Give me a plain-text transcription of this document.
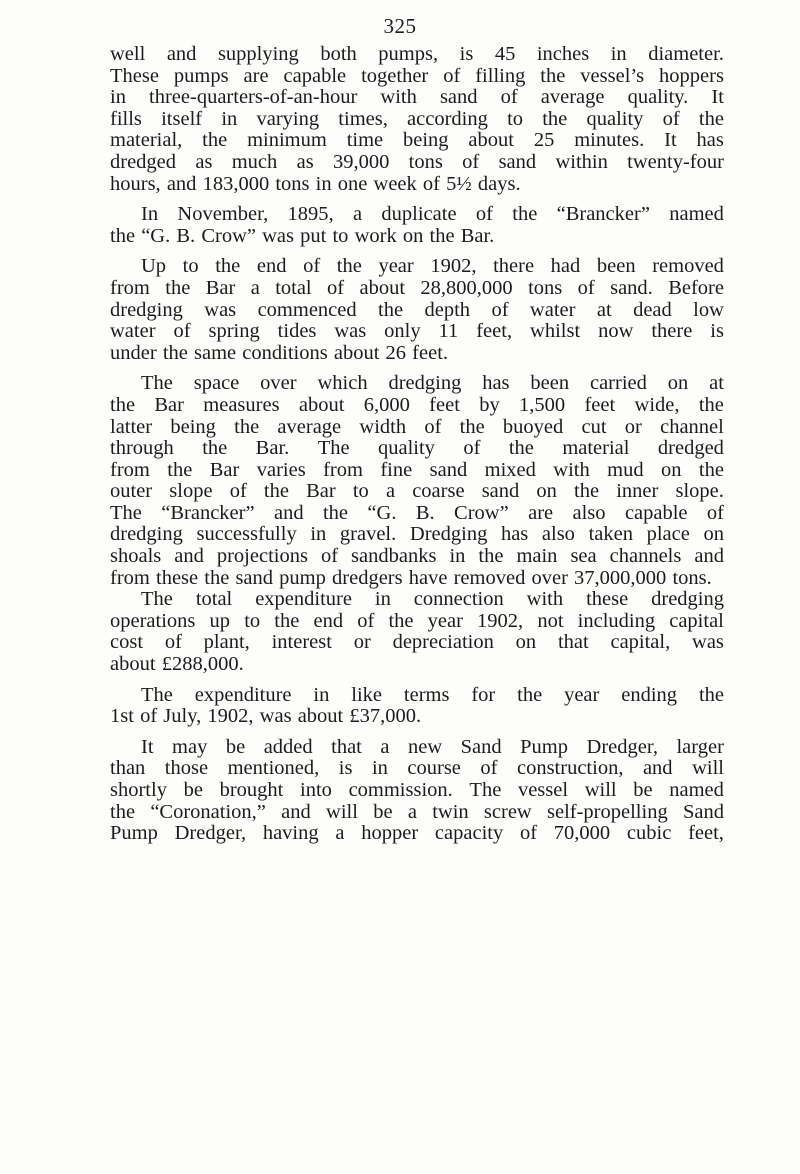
325
well and supplying both pumps, is 45 inches in diameter.
These pumps are capable together of filling the vessel’s hoppers
in three-quarters-of-an-hour with sand of average quality. It
fills itself in varying times, according to the quality of the
material, the minimum time being about 25 minutes. It has
dredged as much as 39,000 tons of sand within twenty-four
hours, and 183,000 tons in one week of 5½ days.
In November, 1895, a duplicate of the “Brancker” named
the “G. B. Crow” was put to work on the Bar.
Up to the end of the year 1902, there had been removed
from the Bar a total of about 28,800,000 tons of sand. Before
dredging was commenced the depth of water at dead low
water of spring tides was only 11 feet, whilst now there is
under the same conditions about 26 feet.
The space over which dredging has been carried on at
the Bar measures about 6,000 feet by 1,500 feet wide, the
latter being the average width of the buoyed cut or channel
through the Bar. The quality of the material dredged
from the Bar varies from fine sand mixed with mud on the
outer slope of the Bar to a coarse sand on the inner slope.
The “Brancker” and the “G. B. Crow” are also capable of
dredging successfully in gravel. Dredging has also taken place on
shoals and projections of sandbanks in the main sea channels and
from these the sand pump dredgers have removed over 37,000,000 tons.
The total expenditure in connection with these dredging
operations up to the end of the year 1902, not including capital
cost of plant, interest or depreciation on that capital, was
about £288,000.
The expenditure in like terms for the year ending the
1st of July, 1902, was about £37,000.
It may be added that a new Sand Pump Dredger, larger
than those mentioned, is in course of construction, and will
shortly be brought into commission. The vessel will be named
the “Coronation,” and will be a twin screw self-propelling Sand
Pump Dredger, having a hopper capacity of 70,000 cubic feet,
